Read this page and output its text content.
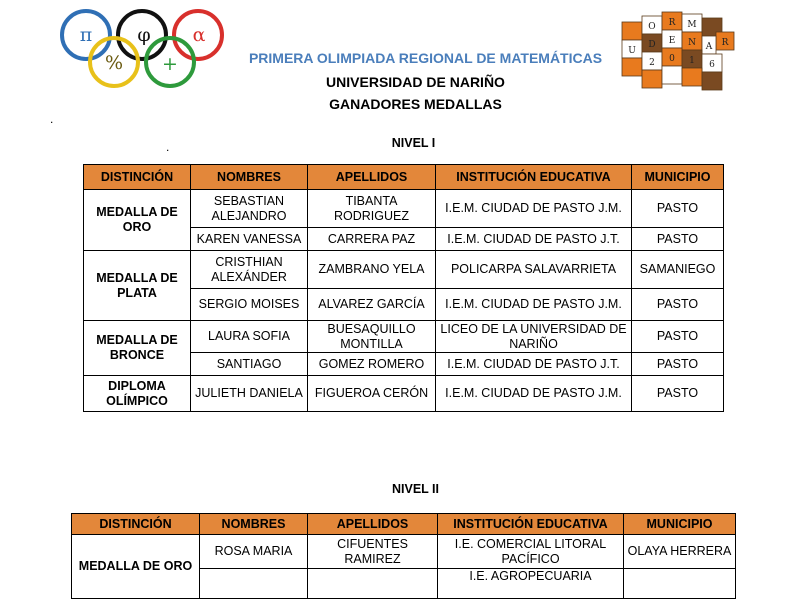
π φ α
% +
O R M
U
D E N A R
2 0 1 6
PRIMERA OLIMPIADA REGIONAL DE MATEMÁTICAS
UNIVERSIDAD DE NARIÑO
GANADORES MEDALLAS
.
.	NIVEL I
DISTINCIÓN	NOMBRES	APELLIDOS	INSTITUCIÓN EDUCATIVA	MUNICIPIO
MEDALLA DE ORO	SEBASTIAN ALEJANDRO	TIBANTA RODRIGUEZ	I.E.M. CIUDAD DE PASTO J.M.	PASTO
	KAREN VANESSA	CARRERA PAZ	I.E.M. CIUDAD DE PASTO J.T.	PASTO
MEDALLA DE PLATA	CRISTHIAN ALEXÁNDER	ZAMBRANO YELA	POLICARPA SALAVARRIETA	SAMANIEGO
	SERGIO MOISES	ALVAREZ GARCÍA	I.E.M. CIUDAD DE PASTO J.M.	PASTO
MEDALLA DE BRONCE	LAURA SOFIA	BUESAQUILLO MONTILLA	LICEO DE LA UNIVERSIDAD DE NARIÑO	PASTO
	SANTIAGO	GOMEZ ROMERO	I.E.M. CIUDAD DE PASTO J.T.	PASTO
DIPLOMA OLÍMPICO	JULIETH DANIELA	FIGUEROA CERÓN	I.E.M. CIUDAD DE PASTO J.M.	PASTO
NIVEL II
DISTINCIÓN	NOMBRES	APELLIDOS	INSTITUCIÓN EDUCATIVA	MUNICIPIO
MEDALLA DE ORO	ROSA MARIA	CIFUENTES RAMIREZ	I.E. COMERCIAL LITORAL PACÍFICO	OLAYA HERRERA
			I.E. AGROPECUARIA	
